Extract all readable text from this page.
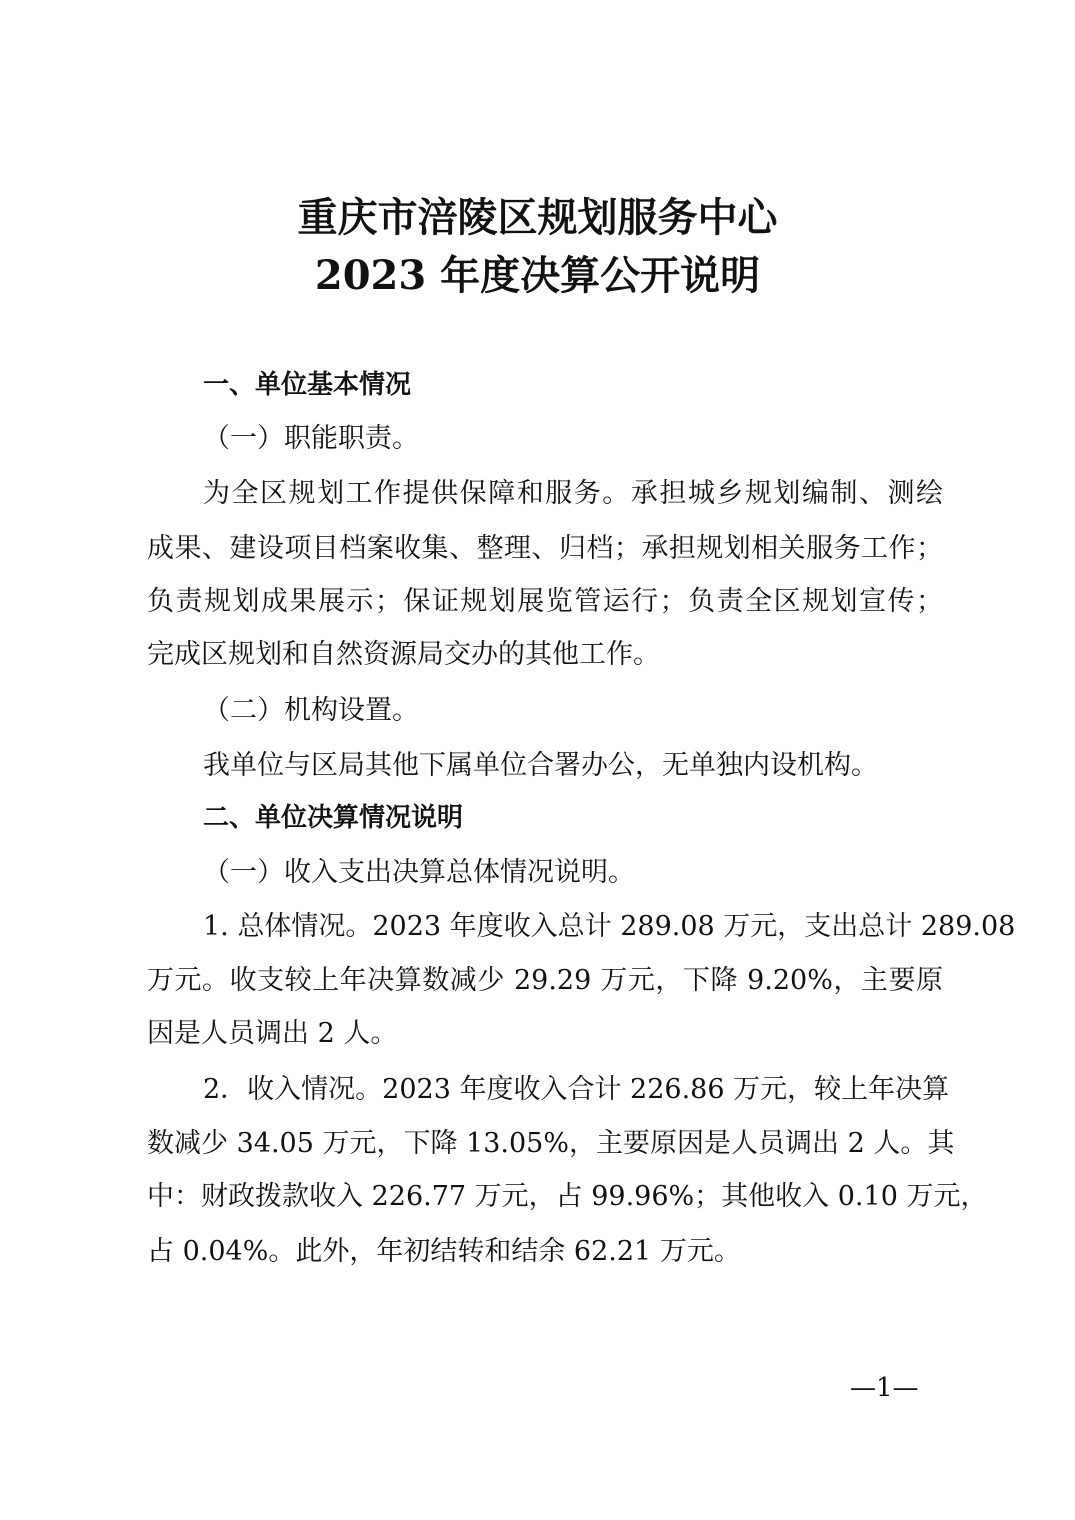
重庆市涪陵区规划服务中心
2023 年度决算公开说明
一、单位基本情况
（一）职能职责。
为全区规划工作提供保障和服务。承担城乡规划编制、测绘
成果、建设项目档案收集、整理、归档；承担规划相关服务工作；
负责规划成果展示；保证规划展览管运行；负责全区规划宣传；
完成区规划和自然资源局交办的其他工作。
（二）机构设置。
我单位与区局其他下属单位合署办公，无单独内设机构。
二、单位决算情况说明
（一）收入支出决算总体情况说明。
1. 总体情况。2023 年度收入总计 289.08 万元，支出总计 289.08
万元。收支较上年决算数减少 29.29 万元，下降 9.20%，主要原
因是人员调出 2 人。
2．收入情况。2023 年度收入合计 226.86 万元，较上年决算
数减少 34.05 万元，下降 13.05%，主要原因是人员调出 2 人。其
中：财政拨款收入 226.77 万元，占 99.96%；其他收入 0.10 万元，
占 0.04%。此外，年初结转和结余 62.21 万元。
—1—
